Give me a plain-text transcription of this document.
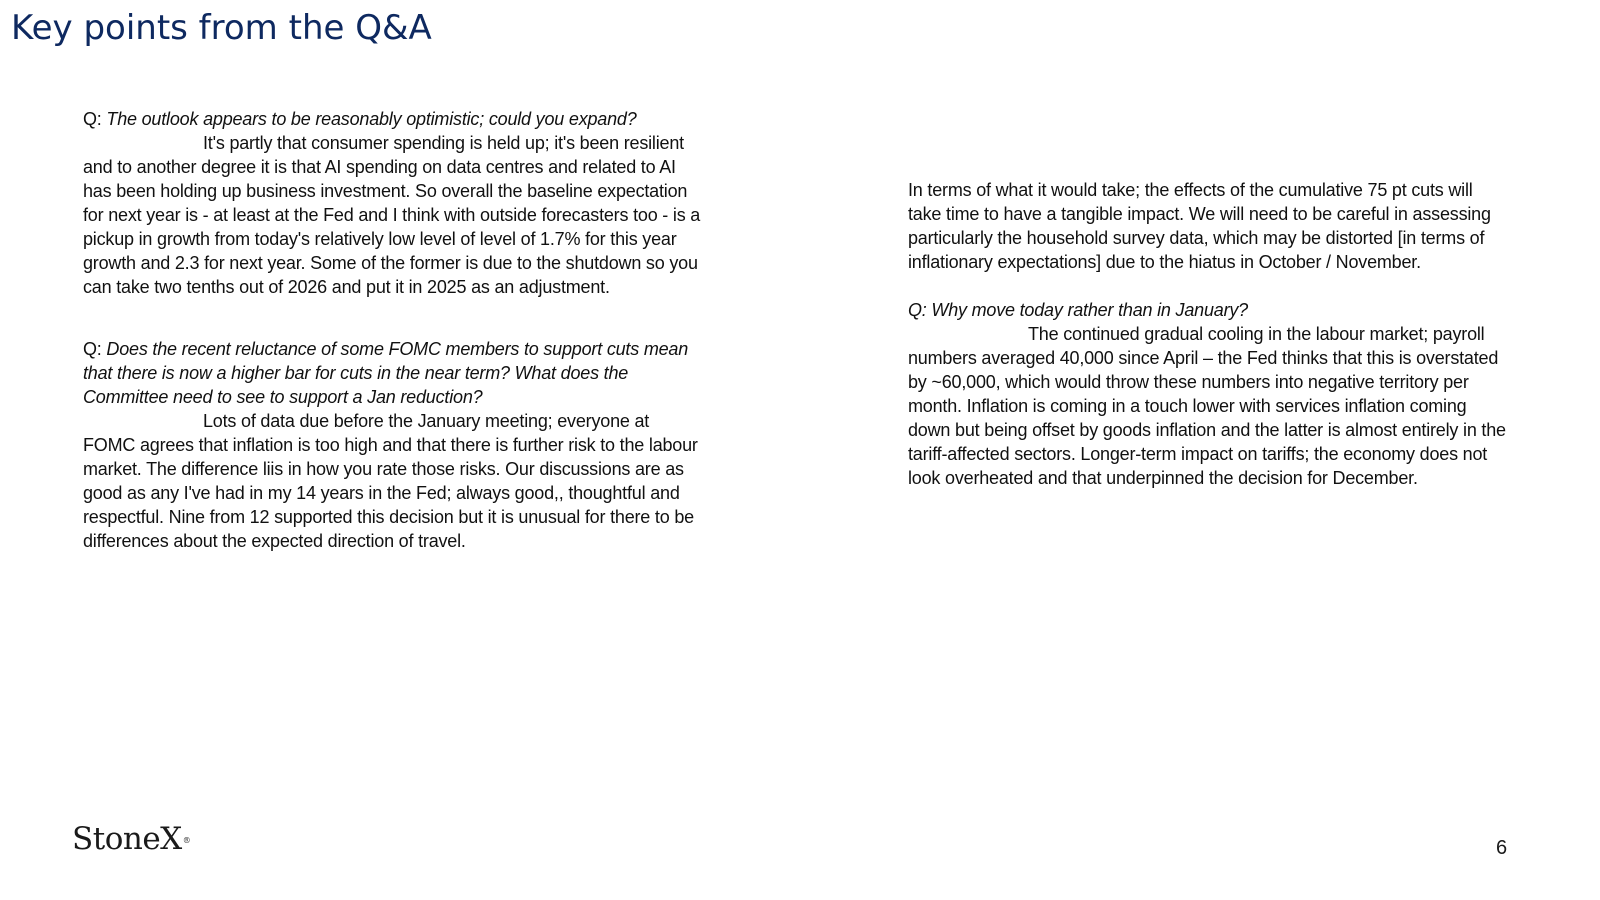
Key points from the Q&A

Q: The outlook appears to be reasonably optimistic; could you expand?

It's partly that consumer spending is held up; it's been resilient and to another degree it is that AI spending on data centres and related to AI has been holding up business investment. So overall the baseline expectation for next year is - at least at the Fed and I think with outside forecasters too - is a pickup in growth from today's relatively low level of level of 1.7% for this year growth and 2.3 for next year. Some of the former is due to the shutdown so you can take two tenths out of 2026 and put it in 2025 as an adjustment.

Q: Does the recent reluctance of some FOMC members to support cuts mean that there is now a higher bar for cuts in the near term? What does the Committee need to see to support a Jan reduction?

Lots of data due before the January meeting; everyone at FOMC agrees that inflation is too high and that there is further risk to the labour market. The difference liis in how you rate those risks. Our discussions are as good as any I've had in my 14 years in the Fed; always good,, thoughtful and respectful. Nine from 12 supported this decision but it is unusual for there to be differences about the expected direction of travel.

In terms of what it would take; the effects of the cumulative 75 pt cuts will take time to have a tangible impact. We will need to be careful in assessing particularly the household survey data, which may be distorted [in terms of inflationary expectations] due to the hiatus in October / November.

Q: Why move today rather than in January?

The continued gradual cooling in the labour market; payroll numbers averaged 40,000 since April – the Fed thinks that this is overstated by ~60,000, which would throw these numbers into negative territory per month. Inflation is coming in a touch lower with services inflation coming down but being offset by goods inflation and the latter is almost entirely in the tariff-affected sectors. Longer-term impact on tariffs; the economy does not look overheated and that underpinned the decision for December.

StoneX®	6
